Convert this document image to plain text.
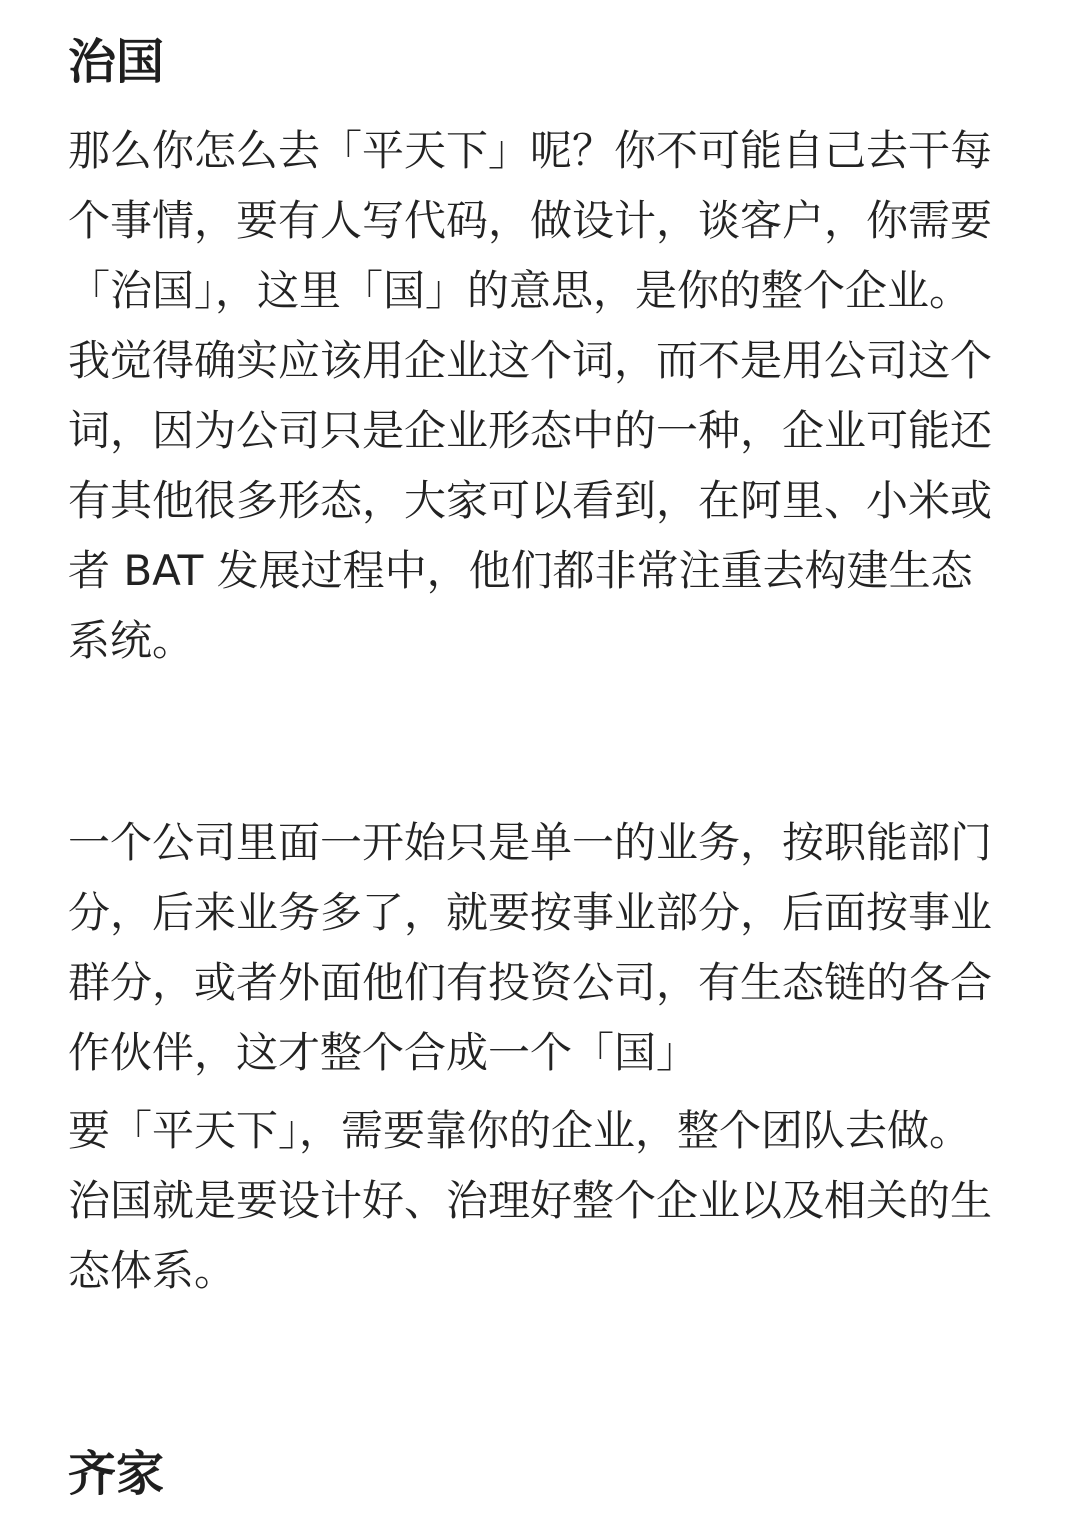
治国

那么你怎么去「平天下」呢？你不可能自己去干每个事情，要有人写代码，做设计，谈客户，你需要「治国」，这里「国」的意思，是你的整个企业。我觉得确实应该用企业这个词，而不是用公司这个词，因为公司只是企业形态中的一种，企业可能还有其他很多形态，大家可以看到，在阿里、小米或者 BAT 发展过程中，他们都非常注重去构建生态系统。

一个公司里面一开始只是单一的业务，按职能部门分，后来业务多了，就要按事业部分，后面按事业群分，或者外面他们有投资公司，有生态链的各合作伙伴，这才整个合成一个「国」

要「平天下」，需要靠你的企业，整个团队去做。治国就是要设计好、治理好整个企业以及相关的生态体系。

齐家
